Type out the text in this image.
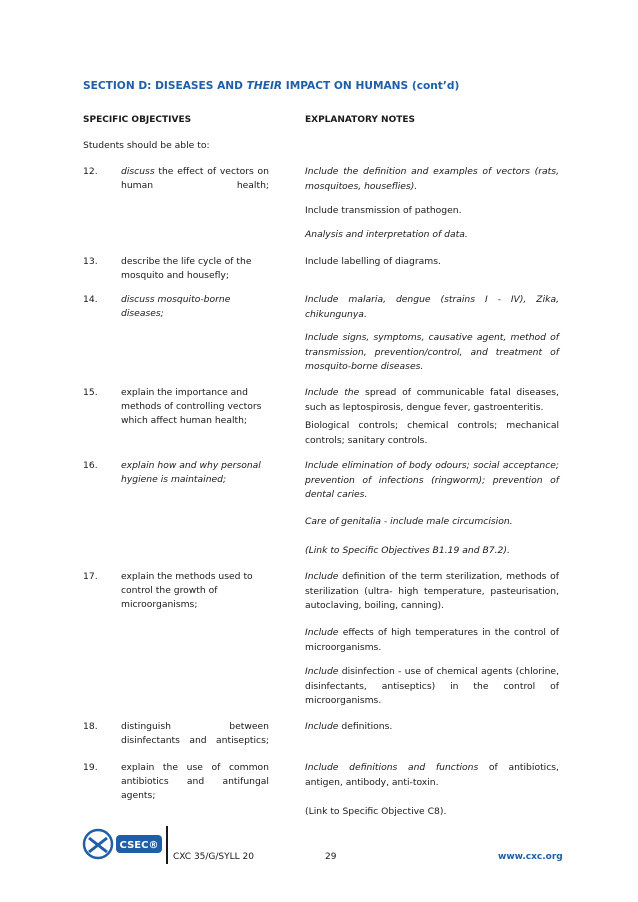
SECTION D: DISEASES AND THEIR IMPACT ON HUMANS (cont’d)
SPECIFIC OBJECTIVES	EXPLANATORY NOTES
Students should be able to:
12.	discuss the effect of vectors on human health;
Include the definition and examples of vectors (rats, mosquitoes, houseflies).
Include transmission of pathogen.
Analysis and interpretation of data.
13.	describe the life cycle of the mosquito and housefly;
Include labelling of diagrams.
14.	discuss mosquito-borne diseases;
Include malaria, dengue (strains I - IV), Zika, chikungunya.
Include signs, symptoms, causative agent, method of transmission, prevention/control, and treatment of mosquito-borne diseases.
15.	explain the importance and methods of controlling vectors which affect human health;
Include the spread of communicable fatal diseases, such as leptospirosis, dengue fever, gastroenteritis.
Biological controls; chemical controls; mechanical controls; sanitary controls.
16.	explain how and why personal hygiene is maintained;
Include elimination of body odours; social acceptance; prevention of infections (ringworm); prevention of dental caries.
Care of genitalia - include male circumcision.
(Link to Specific Objectives B1.19 and B7.2).
17.	explain the methods used to control the growth of microorganisms;
Include definition of the term sterilization, methods of sterilization (ultra- high temperature, pasteurisation, autoclaving, boiling, canning).
Include effects of high temperatures in the control of microorganisms.
Include disinfection - use of chemical agents (chlorine, disinfectants, antiseptics) in the control of microorganisms.
18.	distinguish between disinfectants and antiseptics;
Include definitions.
19.	explain the use of common antibiotics and antifungal agents;
Include definitions and functions of antibiotics, antigen, antibody, anti-toxin.
(Link to Specific Objective C8).
CSEC®
CXC 35/G/SYLL 20	29	www.cxc.org
